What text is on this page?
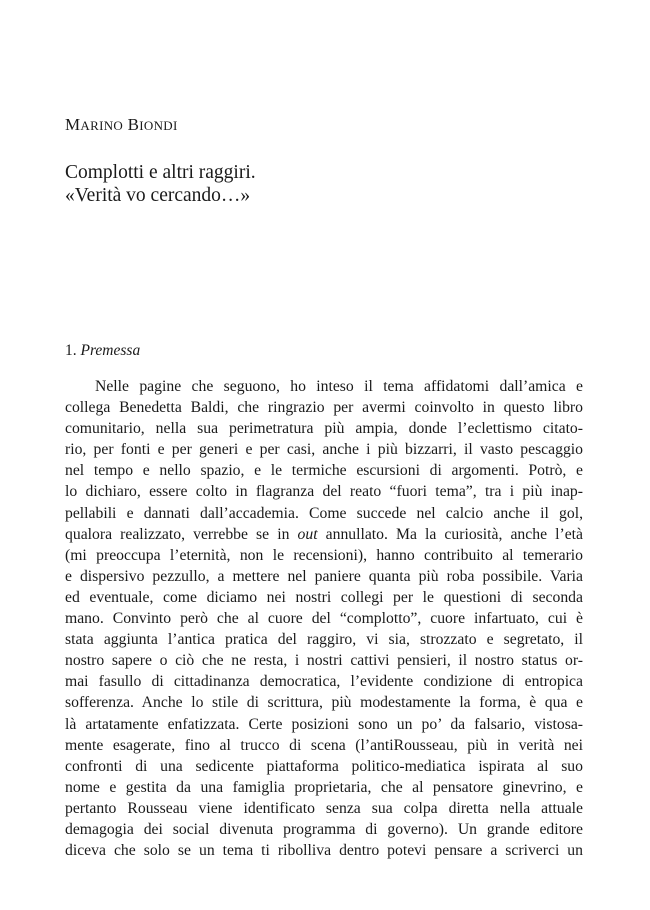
MARINO BIONDI
Complotti e altri raggiri.
«Verità vo cercando…»
1. Premessa
Nelle pagine che seguono, ho inteso il tema affidatomi dall’amica e
collega Benedetta Baldi, che ringrazio per avermi coinvolto in questo libro
comunitario, nella sua perimetratura più ampia, donde l’eclettismo citato-
rio, per fonti e per generi e per casi, anche i più bizzarri, il vasto pescaggio
nel tempo e nello spazio, e le termiche escursioni di argomenti. Potrò, e
lo dichiaro, essere colto in flagranza del reato “fuori tema”, tra i più inap-
pellabili e dannati dall’accademia. Come succede nel calcio anche il gol,
qualora realizzato, verrebbe se in out annullato. Ma la curiosità, anche l’età
(mi preoccupa l’eternità, non le recensioni), hanno contribuito al temerario
e dispersivo pezzullo, a mettere nel paniere quanta più roba possibile. Varia
ed eventuale, come diciamo nei nostri collegi per le questioni di seconda
mano. Convinto però che al cuore del “complotto”, cuore infartuato, cui è
stata aggiunta l’antica pratica del raggiro, vi sia, strozzato e segretato, il
nostro sapere o ciò che ne resta, i nostri cattivi pensieri, il nostro status or-
mai fasullo di cittadinanza democratica, l’evidente condizione di entropica
sofferenza. Anche lo stile di scrittura, più modestamente la forma, è qua e
là artatamente enfatizzata. Certe posizioni sono un po’ da falsario, vistosa-
mente esagerate, fino al trucco di scena (l’antiRousseau, più in verità nei
confronti di una sedicente piattaforma politico-mediatica ispirata al suo
nome e gestita da una famiglia proprietaria, che al pensatore ginevrino, e
pertanto Rousseau viene identificato senza sua colpa diretta nella attuale
demagogia dei social divenuta programma di governo). Un grande editore
diceva che solo se un tema ti ribolliva dentro potevi pensare a scriverci un
